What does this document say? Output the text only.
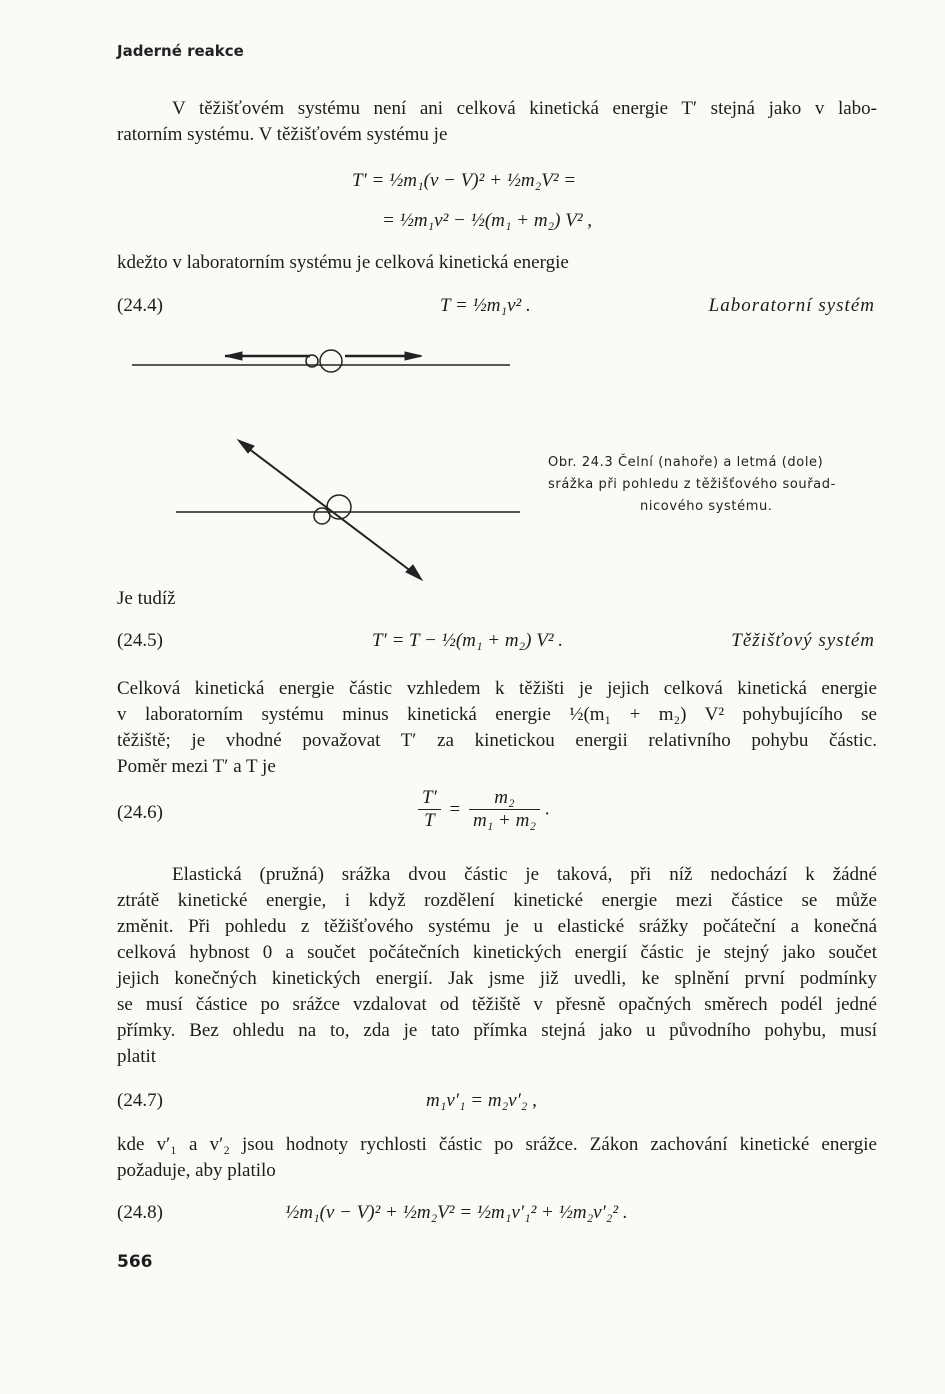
Jaderné reakce
V těžišťovém systému není ani celková kinetická energie T′ stejná jako v labo-
ratorním systému. V těžišťovém systému je
T′ = ½m₁(v − V)² + ½m₂V² =
= ½m₁v² − ½(m₁ + m₂) V² ,
kdežto v laboratorním systému je celková kinetická energie
(24.4)	T = ½m₁v² .	Laboratorní systém
Obr. 24.3 Čelní (nahoře) a letmá (dole)
srážka při pohledu z těžišťového souřad-
nicového systému.
Je tudíž
(24.5)	T′ = T − ½(m₁ + m₂) V² .	Těžišťový systém
Celková kinetická energie částic vzhledem k těžišti je jejich celková kinetická energie
v laboratorním systému minus kinetická energie ½(m₁ + m₂) V² pohybujícího se
těžiště; je vhodné považovat T′ za kinetickou energii relativního pohybu částic.
Poměr mezi T′ a T je
(24.6)	$\frac{T'}{T} = \frac{\text{m₂}}{\text{m₁ + m₂}}$ .
Elastická (pružná) srážka dvou částic je taková, při níž nedochází k žádné
ztrátě kinetické energie, i když rozdělení kinetické energie mezi částice se může
změnit. Při pohledu z těžišťového systému je u elastické srážky počáteční a konečná
celková hybnost 0 a součet počátečních kinetických energií částic je stejný jako součet
jejich konečných kinetických energií. Jak jsme již uvedli, ke splnění první podmínky
se musí částice po srážce vzdalovat od těžiště v přesně opačných směrech podél jedné
přímky. Bez ohledu na to, zda je tato přímka stejná jako u původního pohybu, musí
platit
(24.7)	m₁v′₁ = m₂v′₂ ,
kde v′₁ a v′₂ jsou hodnoty rychlosti částic po srážce. Zákon zachování kinetické energie
požaduje, aby platilo
(24.8)	½m₁(v − V)² + ½m₂V² = ½m₁v′₁² + ½m₂v′₂² .
566
